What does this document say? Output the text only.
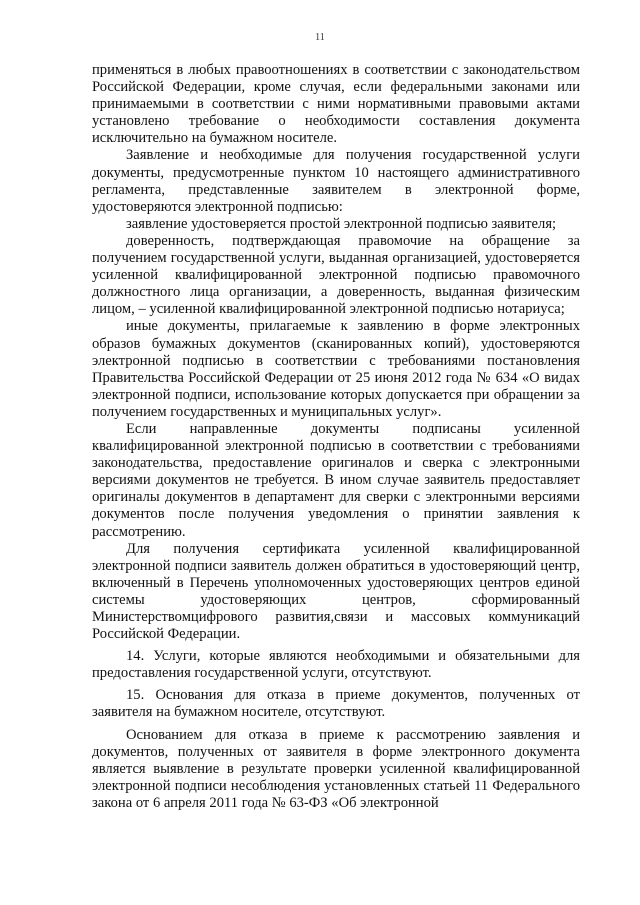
11

применяться в любых правоотношениях в соответствии с законодательством Российской Федерации, кроме случая, если федеральными законами или принимаемыми в соответствии с ними нормативными правовыми актами установлено требование о необходимости составления документа исключительно на бумажном носителе.

Заявление и необходимые для получения государственной услуги документы, предусмотренные пунктом 10 настоящего административного регламента, представленные заявителем в электронной форме, удостоверяются электронной подписью:

заявление удостоверяется простой электронной подписью заявителя;

доверенность, подтверждающая правомочие на обращение за получением государственной услуги, выданная организацией, удостоверяется усиленной квалифицированной электронной подписью правомочного должностного лица организации, а доверенность, выданная физическим лицом, – усиленной квалифицированной электронной подписью нотариуса;

иные документы, прилагаемые к заявлению в форме электронных образов бумажных документов (сканированных копий), удостоверяются электронной подписью в соответствии с требованиями постановления Правительства Российской Федерации от 25 июня 2012 года № 634 «О видах электронной подписи, использование которых допускается при обращении за получением государственных и муниципальных услуг».

Если направленные документы подписаны усиленной квалифицированной электронной подписью в соответствии с требованиями законодательства, предоставление оригиналов и сверка с электронными версиями документов не требуется. В ином случае заявитель предоставляет оригиналы документов в департамент для сверки с электронными версиями документов после получения уведомления о принятии заявления к рассмотрению.

Для получения сертификата усиленной квалифицированной электронной подписи заявитель должен обратиться в удостоверяющий центр, включенный в Перечень уполномоченных удостоверяющих центров единой системы удостоверяющих центров, сформированный Министерствомцифрового развития,связи и массовых коммуникаций Российской Федерации.

14. Услуги, которые являются необходимыми и обязательными для предоставления государственной услуги, отсутствуют.

15. Основания для отказа в приеме документов, полученных от заявителя на бумажном носителе, отсутствуют.

Основанием для отказа в приеме к рассмотрению заявления и документов, полученных от заявителя в форме электронного документа является выявление в результате проверки усиленной квалифицированной электронной подписи несоблюдения установленных статьей 11 Федерального закона от 6 апреля 2011 года № 63-ФЗ «Об электронной
